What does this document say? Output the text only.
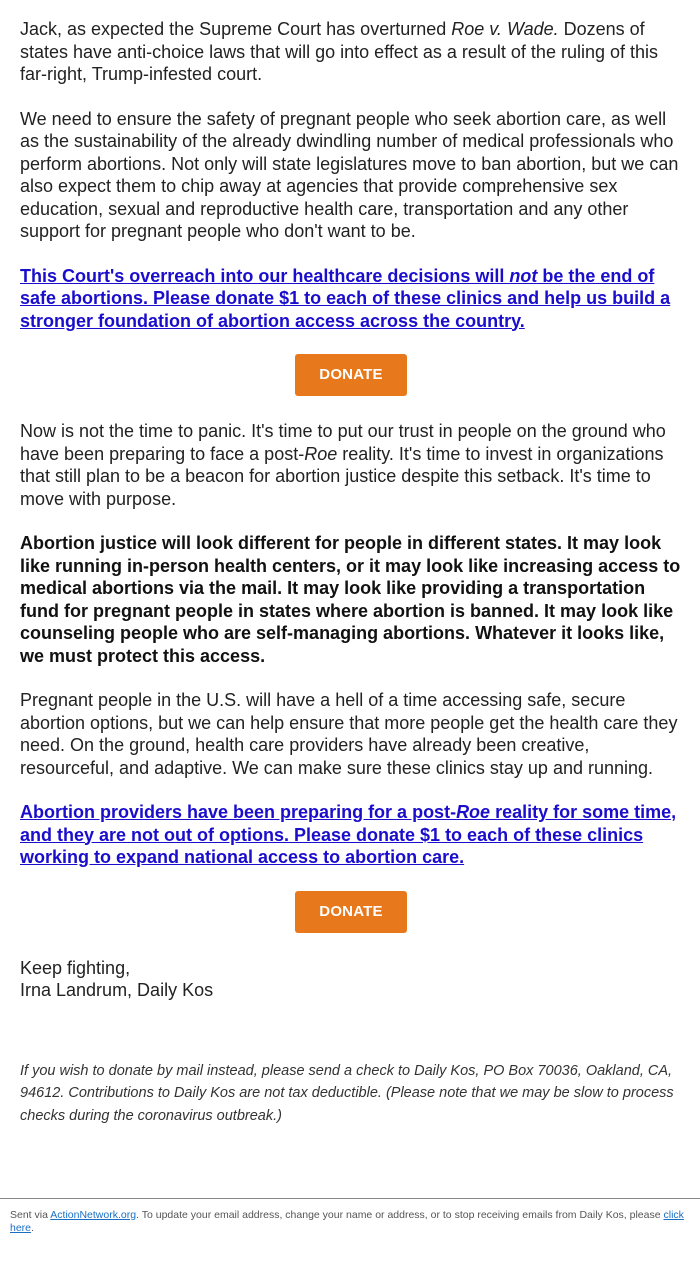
Jack, as expected the Supreme Court has overturned Roe v. Wade. Dozens of states have anti-choice laws that will go into effect as a result of the ruling of this far-right, Trump-infested court.

We need to ensure the safety of pregnant people who seek abortion care, as well as the sustainability of the already dwindling number of medical professionals who perform abortions. Not only will state legislatures move to ban abortion, but we can also expect them to chip away at agencies that provide comprehensive sex education, sexual and reproductive health care, transportation and any other support for pregnant people who don't want to be.

This Court's overreach into our healthcare decisions will not be the end of safe abortions. Please donate $1 to each of these clinics and help us build a stronger foundation of abortion access across the country.

DONATE

Now is not the time to panic. It's time to put our trust in people on the ground who have been preparing to face a post-Roe reality. It's time to invest in organizations that still plan to be a beacon for abortion justice despite this setback. It's time to move with purpose.

Abortion justice will look different for people in different states. It may look like running in-person health centers, or it may look like increasing access to medical abortions via the mail. It may look like providing a transportation fund for pregnant people in states where abortion is banned. It may look like counseling people who are self-managing abortions. Whatever it looks like, we must protect this access.

Pregnant people in the U.S. will have a hell of a time accessing safe, secure abortion options, but we can help ensure that more people get the health care they need. On the ground, health care providers have already been creative, resourceful, and adaptive. We can make sure these clinics stay up and running.

Abortion providers have been preparing for a post-Roe reality for some time, and they are not out of options. Please donate $1 to each of these clinics working to expand national access to abortion care.

DONATE

Keep fighting,
Irna Landrum, Daily Kos

If you wish to donate by mail instead, please send a check to Daily Kos, PO Box 70036, Oakland, CA, 94612. Contributions to Daily Kos are not tax deductible. (Please note that we may be slow to process checks during the coronavirus outbreak.)

Sent via ActionNetwork.org. To update your email address, change your name or address, or to stop receiving emails from Daily Kos, please click here.
